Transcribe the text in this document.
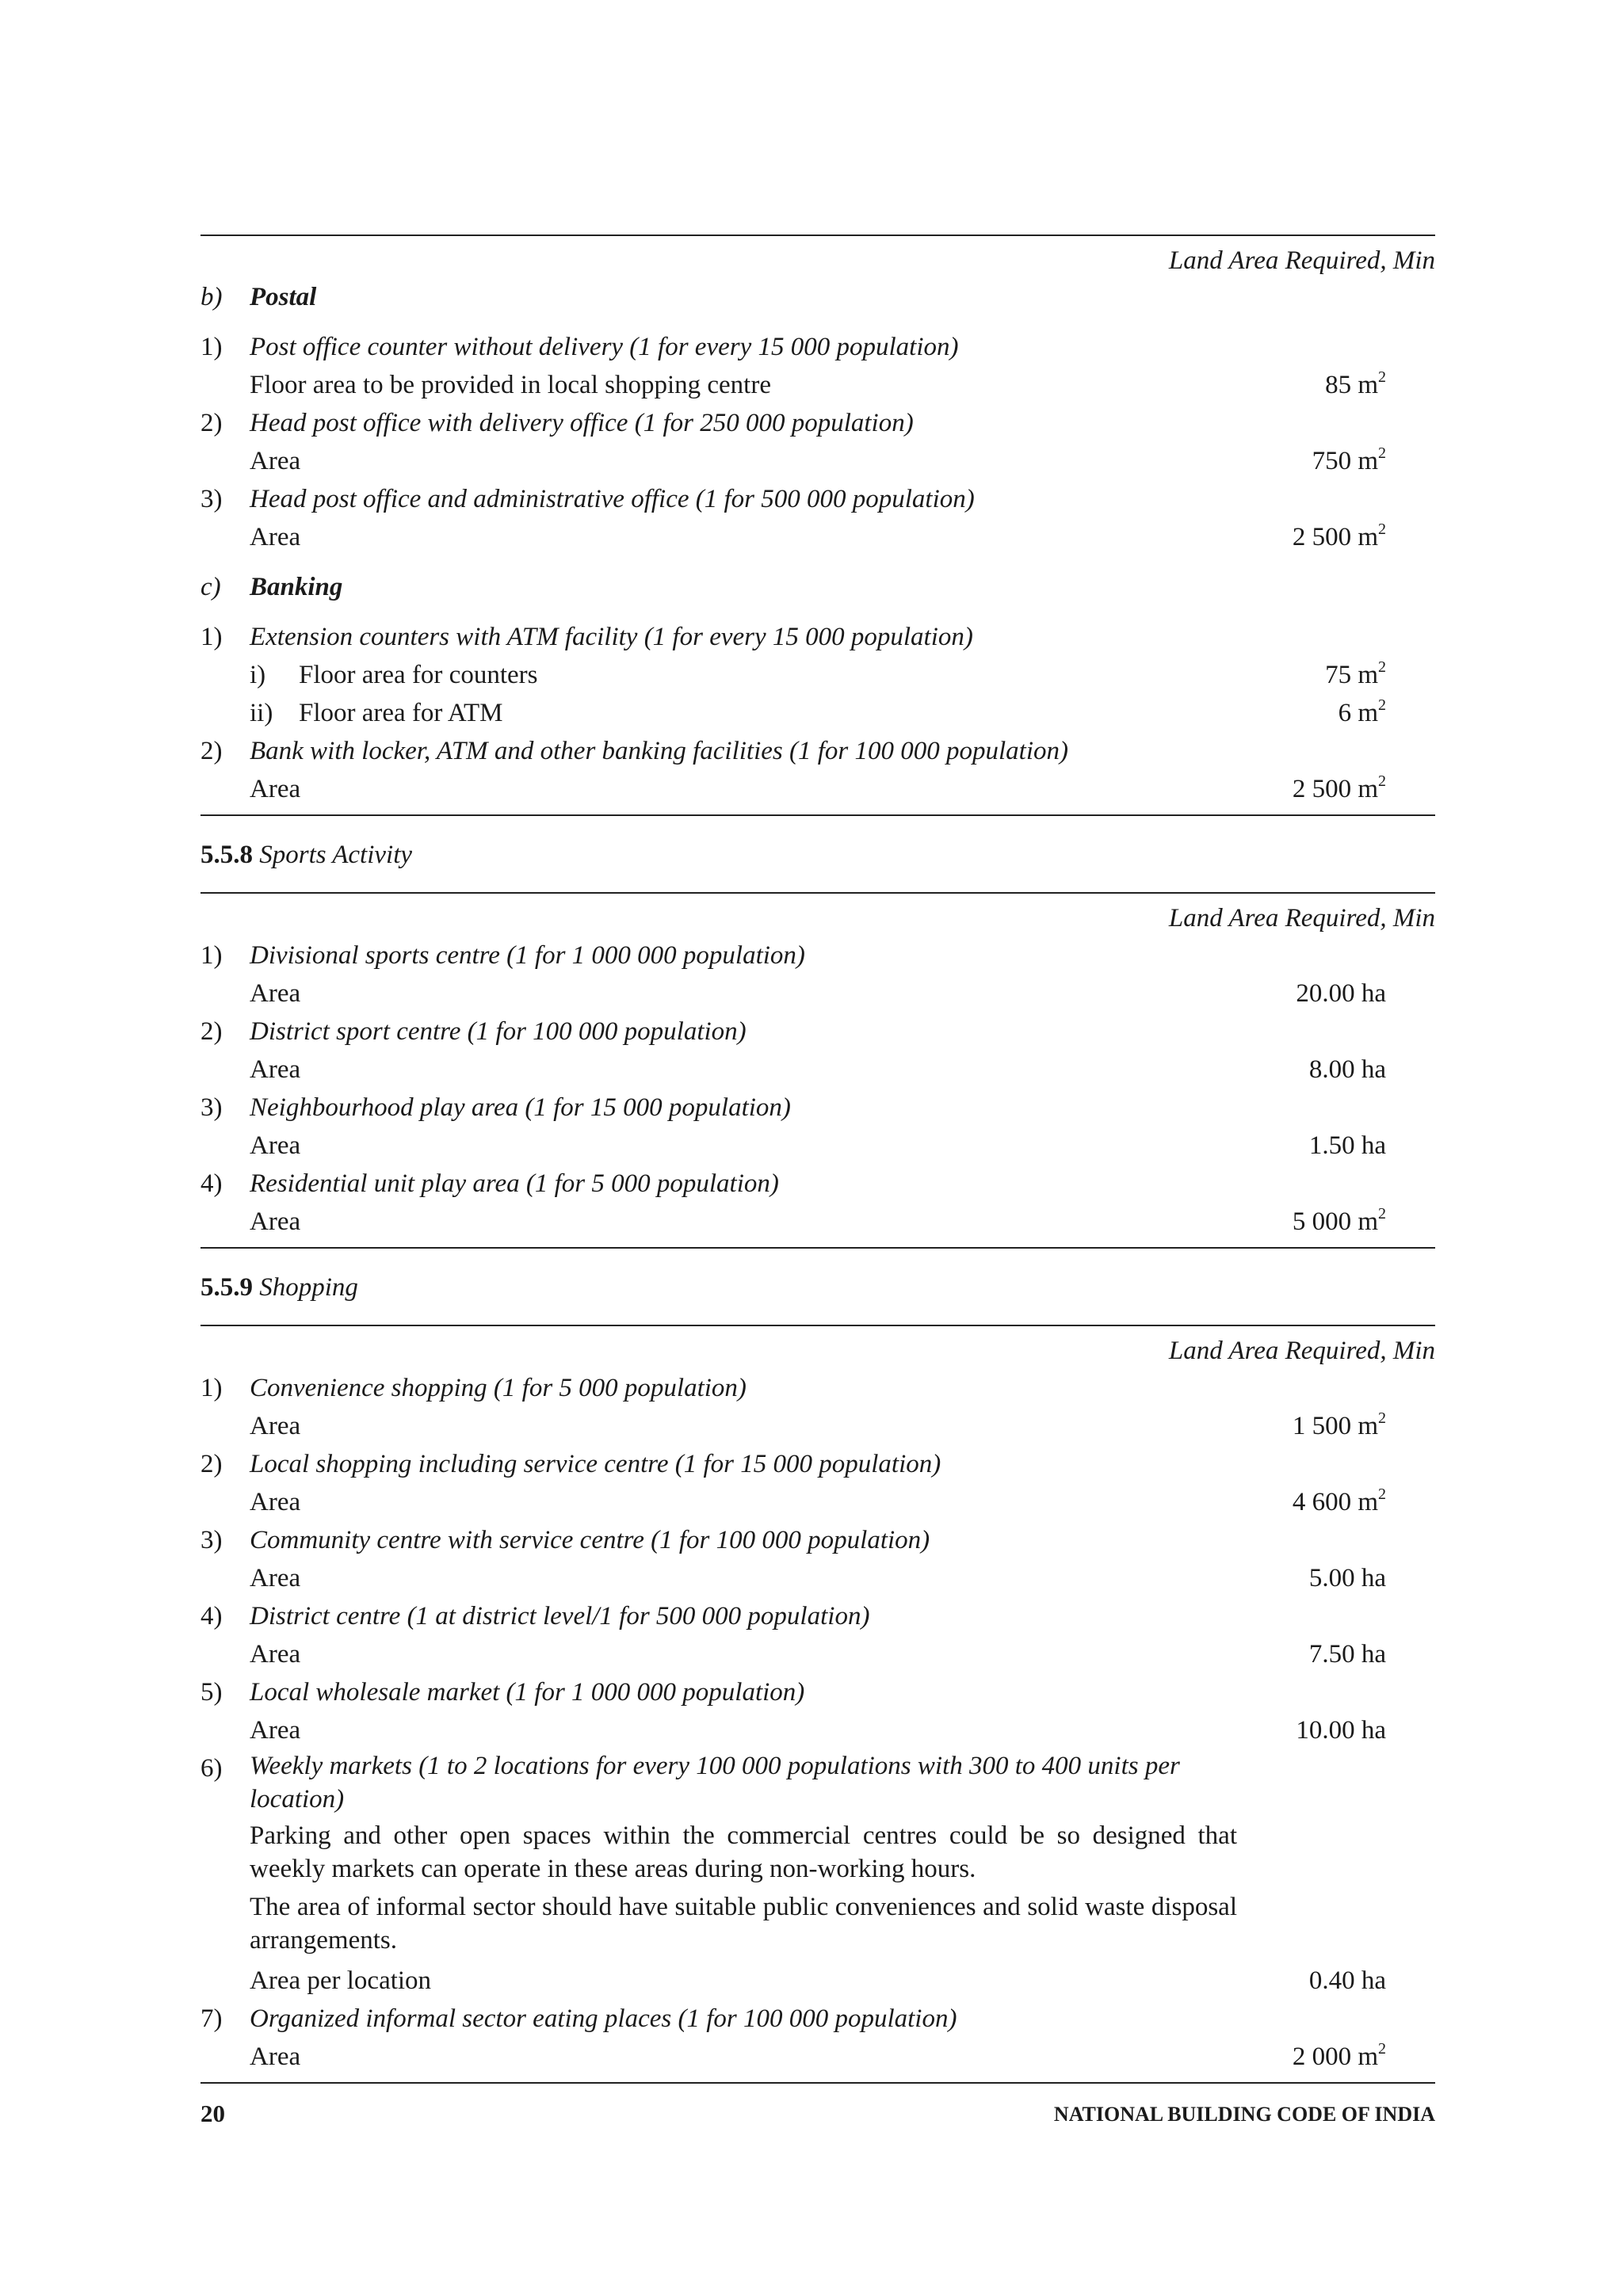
Land Area Required, Min
b) Postal
1)	Post office counter without delivery (1 for every 15 000 population)
Floor area to be provided in local shopping centre	85 $m^2$
2)	Head post office with delivery office (1 for 250 000 population)
Area	750 $m^2$
3)	Head post office and administrative office (1 for 500 000 population)
Area	2 500 $m^2$
c) Banking
1)	Extension counters with ATM facility (1 for every 15 000 population)
i) Floor area for counters	75 $m^2$
ii) Floor area for ATM	6 $m^2$
2)	Bank with locker, ATM and other banking facilities (1 for 100 000 population)
Area	2 500 $m^2$
5.5.8 Sports Activity
Land Area Required, Min
1)	Divisional sports centre (1 for 1 000 000 population)
Area	20.00 ha
2)	District sport centre (1 for 100 000 population)
Area	8.00 ha
3)	Neighbourhood play area (1 for 15 000 population)
Area	1.50 ha
4)	Residential unit play area (1 for 5 000 population)
Area	5 000 $m^2$
5.5.9 Shopping
Land Area Required, Min
1)	Convenience shopping (1 for 5 000 population)
Area	1 500 $m^2$
2)	Local shopping including service centre (1 for 15 000 population)
Area	4 600 $m^2$
3)	Community centre with service centre (1 for 100 000 population)
Area	5.00 ha
4)	District centre (1 at district level/1 for 500 000 population)
Area	7.50 ha
5)	Local wholesale market (1 for 1 000 000 population)
Area	10.00 ha
6)	Weekly markets (1 to 2 locations for every 100 000 populations with 300 to 400 units per location)
Parking and other open spaces within the commercial centres could be so designed that weekly markets can operate in these areas during non-working hours.
The area of informal sector should have suitable public conveniences and solid waste disposal arrangements.
Area per location	0.40 ha
7)	Organized informal sector eating places (1 for 100 000 population)
Area	2 000 $m^2$
20	NATIONAL BUILDING CODE OF INDIA
